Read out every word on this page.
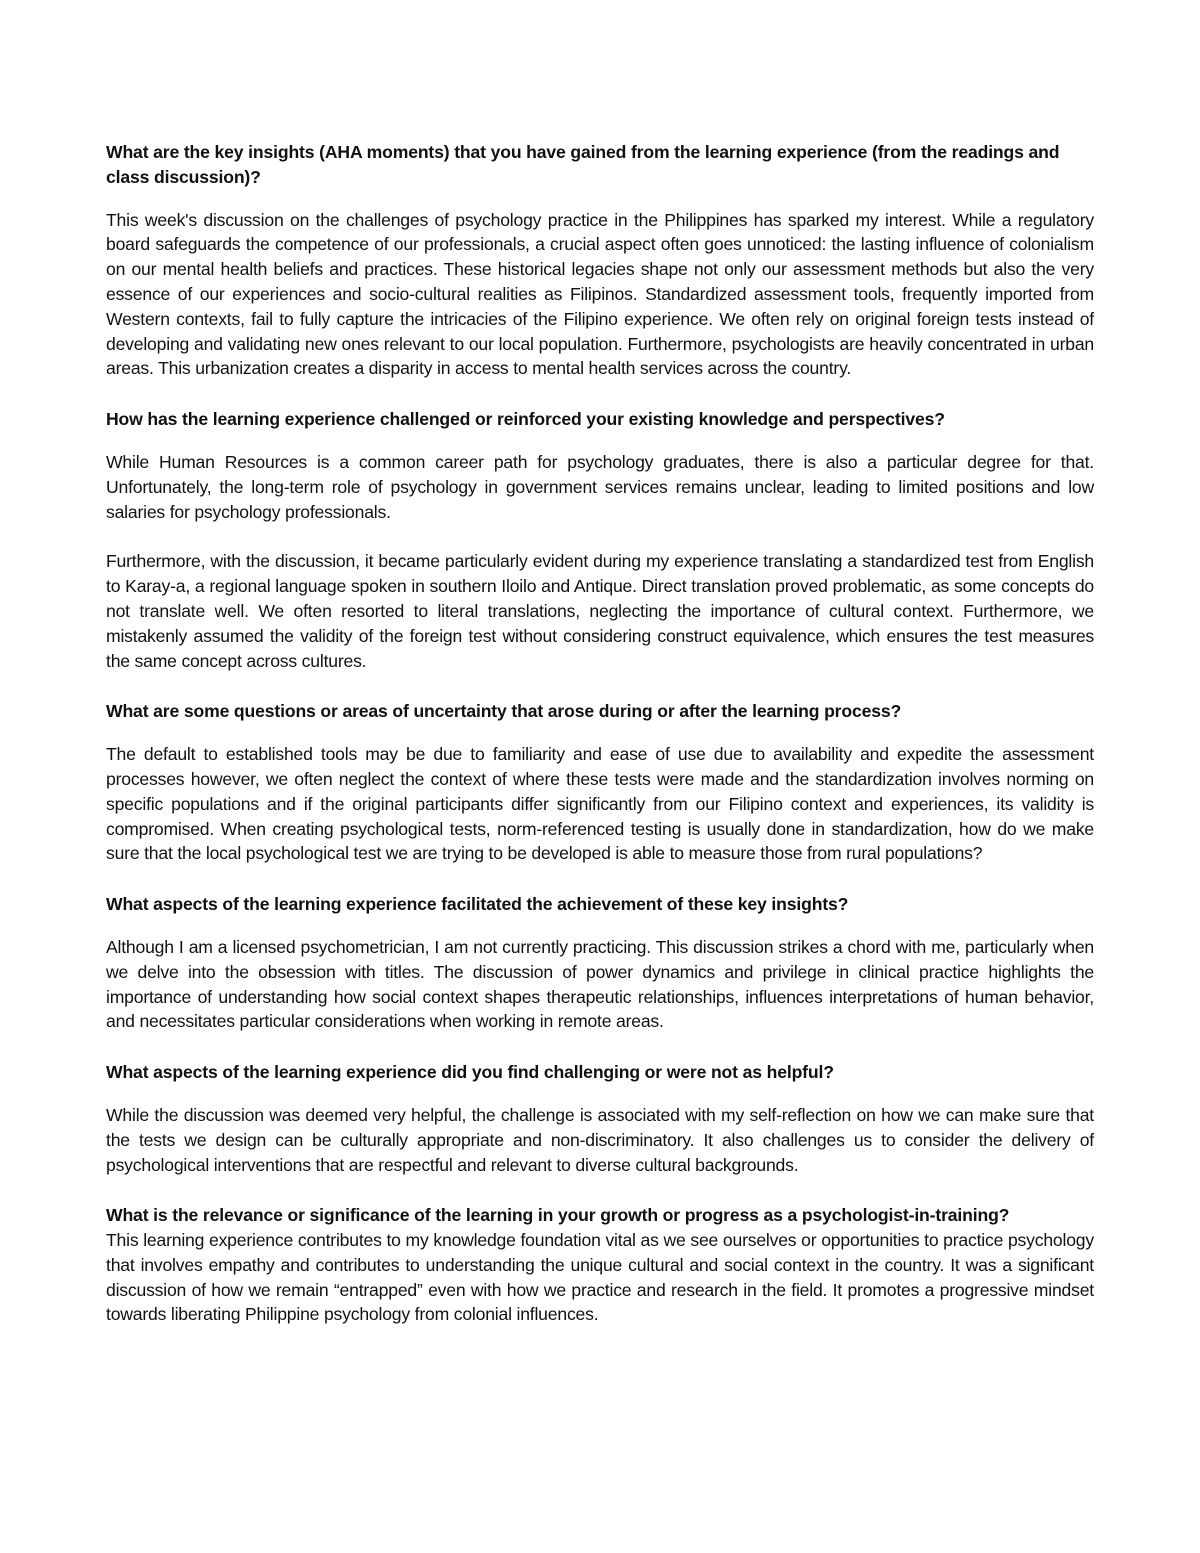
What are the key insights (AHA moments) that you have gained from the learning experience (from the readings and class discussion)?

This week's discussion on the challenges of psychology practice in the Philippines has sparked my interest. While a regulatory board safeguards the competence of our professionals, a crucial aspect often goes unnoticed: the lasting influence of colonialism on our mental health beliefs and practices. These historical legacies shape not only our assessment methods but also the very essence of our experiences and socio-cultural realities as Filipinos. Standardized assessment tools, frequently imported from Western contexts, fail to fully capture the intricacies of the Filipino experience. We often rely on original foreign tests instead of developing and validating new ones relevant to our local population. Furthermore, psychologists are heavily concentrated in urban areas. This urbanization creates a disparity in access to mental health services across the country.

How has the learning experience challenged or reinforced your existing knowledge and perspectives?

While Human Resources is a common career path for psychology graduates, there is also a particular degree for that. Unfortunately, the long-term role of psychology in government services remains unclear, leading to limited positions and low salaries for psychology professionals.

Furthermore, with the discussion, it became particularly evident during my experience translating a standardized test from English to Karay-a, a regional language spoken in southern Iloilo and Antique. Direct translation proved problematic, as some concepts do not translate well. We often resorted to literal translations, neglecting the importance of cultural context. Furthermore, we mistakenly assumed the validity of the foreign test without considering construct equivalence, which ensures the test measures the same concept across cultures.

What are some questions or areas of uncertainty that arose during or after the learning process?

The default to established tools may be due to familiarity and ease of use due to availability and expedite the assessment processes however, we often neglect the context of where these tests were made and the standardization involves norming on specific populations and if the original participants differ significantly from our Filipino context and experiences, its validity is compromised. When creating psychological tests, norm-referenced testing is usually done in standardization, how do we make sure that the local psychological test we are trying to be developed is able to measure those from rural populations?

What aspects of the learning experience facilitated the achievement of these key insights?

Although I am a licensed psychometrician, I am not currently practicing. This discussion strikes a chord with me, particularly when we delve into the obsession with titles. The discussion of power dynamics and privilege in clinical practice highlights the importance of understanding how social context shapes therapeutic relationships, influences interpretations of human behavior, and necessitates particular considerations when working in remote areas.

What aspects of the learning experience did you find challenging or were not as helpful?

While the discussion was deemed very helpful, the challenge is associated with my self-reflection on how we can make sure that the tests we design can be culturally appropriate and non-discriminatory. It also challenges us to consider the delivery of psychological interventions that are respectful and relevant to diverse cultural backgrounds.

What is the relevance or significance of the learning in your growth or progress as a psychologist-in-training?

This learning experience contributes to my knowledge foundation vital as we see ourselves or opportunities to practice psychology that involves empathy and contributes to understanding the unique cultural and social context in the country. It was a significant discussion of how we remain “entrapped” even with how we practice and research in the field. It promotes a progressive mindset towards liberating Philippine psychology from colonial influences.
